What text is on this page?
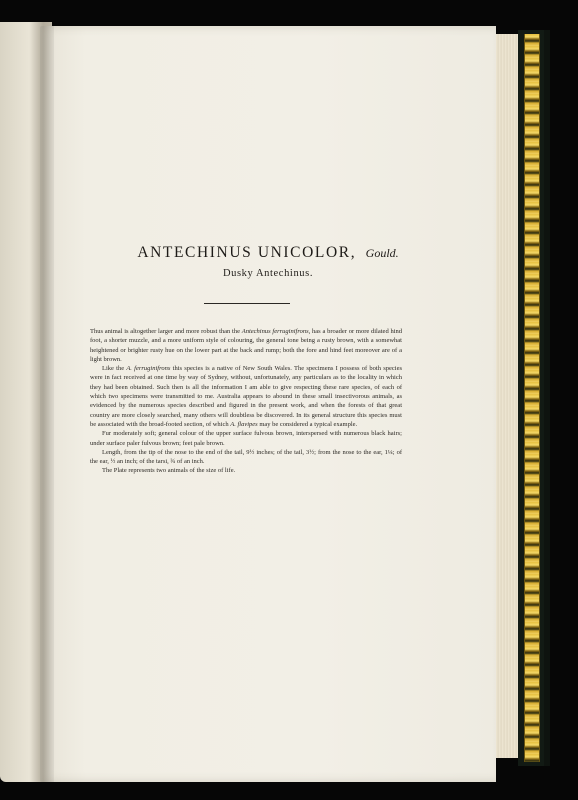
ANTECHINUS UNICOLOR, Gould.
Dusky Antechinus.

Thus animal is altogether larger and more robust than the Antechinus ferruginifrons, has a broader or more dilated hind foot, a shorter muzzle, and a more uniform style of colouring, the general tone being a rusty brown, with a somewhat heightened or brighter rusty hue on the lower part at the back and rump; both the fore and hind feet moreover are of a light brown.

Like the A. ferruginifrons this species is a native of New South Wales. The specimens I possess of both species were in fact received at one time by way of Sydney, without, unfortunately, any particulars as to the locality in which they had been obtained. Such then is all the information I am able to give respecting these rare species, of each of which two specimens were transmitted to me. Australia appears to abound in these small insectivorous animals, as evidenced by the numerous species described and figured in the present work, and when the forests of that great country are more closely searched, many others will doubtless be discovered. In its general structure this species must be associated with the broad-footed section, of which A. flavipes may be considered a typical example.

Fur moderately soft; general colour of the upper surface fulvous brown, interspersed with numerous black hairs; under surface paler fulvous brown; feet pale brown.

Length, from the tip of the nose to the end of the tail, 9½ inches; of the tail, 3½; from the nose to the ear, 1¼; of the ear, ½ an inch; of the tarsi, ¾ of an inch.

The Plate represents two animals of the size of life.
